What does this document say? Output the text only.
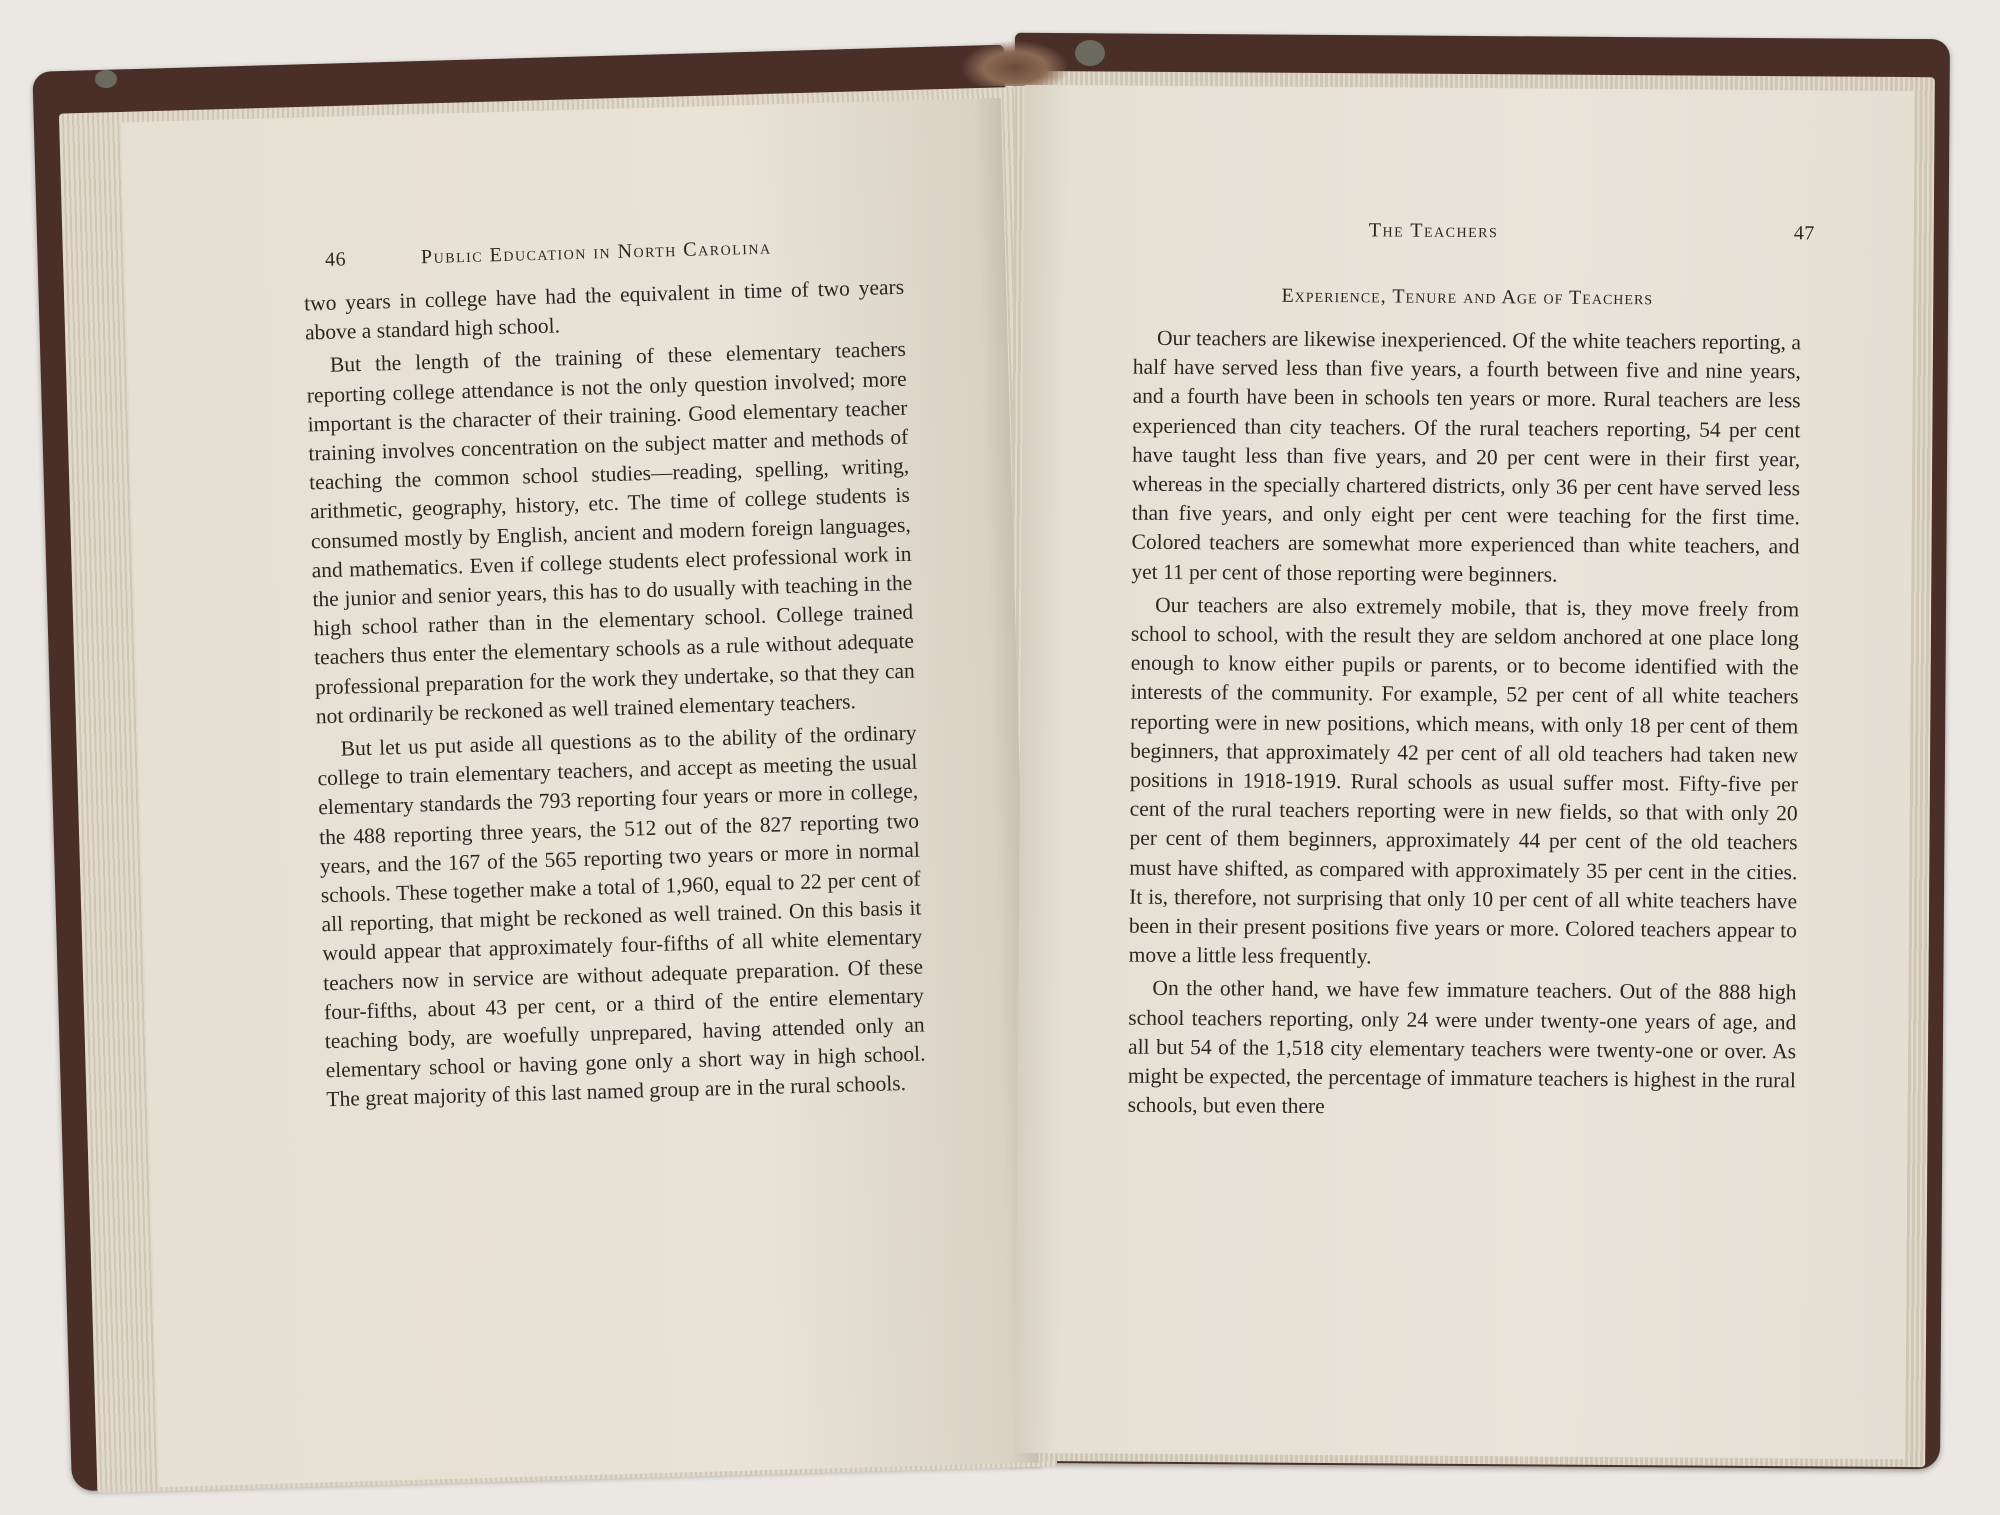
46	Public Education in North Carolina

two years in college have had the equivalent in time of two years above a standard high school.

But the length of the training of these elementary teachers reporting college attendance is not the only question involved; more important is the character of their training. Good elementary teacher training involves concentration on the subject matter and methods of teaching the common school studies—reading, spelling, writing, arithmetic, geography, history, etc. The time of college students is consumed mostly by English, ancient and modern foreign languages, and mathematics. Even if college students elect professional work in the junior and senior years, this has to do usually with teaching in the high school rather than in the elementary school. College trained teachers thus enter the elementary schools as a rule without adequate professional preparation for the work they undertake, so that they can not ordinarily be reckoned as well trained elementary teachers.

But let us put aside all questions as to the ability of the ordinary college to train elementary teachers, and accept as meeting the usual elementary standards the 793 reporting four years or more in college, the 488 reporting three years, the 512 out of the 827 reporting two years, and the 167 of the 565 reporting two years or more in normal schools. These together make a total of 1,960, equal to 22 per cent of all reporting, that might be reckoned as well trained. On this basis it would appear that approximately four-fifths of all white elementary teachers now in service are without adequate preparation. Of these four-fifths, about 43 per cent, or a third of the entire elementary teaching body, are woefully unprepared, having attended only an elementary school or having gone only a short way in high school. The great majority of this last named group are in the rural schools.

The Teachers	47
Experience, Tenure and Age of Teachers

Our teachers are likewise inexperienced. Of the white teachers reporting, a half have served less than five years, a fourth between five and nine years, and a fourth have been in schools ten years or more. Rural teachers are less experienced than city teachers. Of the rural teachers reporting, 54 per cent have taught less than five years, and 20 per cent were in their first year, whereas in the specially chartered districts, only 36 per cent have served less than five years, and only eight per cent were teaching for the first time. Colored teachers are somewhat more experienced than white teachers, and yet 11 per cent of those reporting were beginners.

Our teachers are also extremely mobile, that is, they move freely from school to school, with the result they are seldom anchored at one place long enough to know either pupils or parents, or to become identified with the interests of the community. For example, 52 per cent of all white teachers reporting were in new positions, which means, with only 18 per cent of them beginners, that approximately 42 per cent of all old teachers had taken new positions in 1918-1919. Rural schools as usual suffer most. Fifty-five per cent of the rural teachers reporting were in new fields, so that with only 20 per cent of them beginners, approximately 44 per cent of the old teachers must have shifted, as compared with approximately 35 per cent in the cities. It is, therefore, not surprising that only 10 per cent of all white teachers have been in their present positions five years or more. Colored teachers appear to move a little less frequently.

On the other hand, we have few immature teachers. Out of the 888 high school teachers reporting, only 24 were under twenty-one years of age, and all but 54 of the 1,518 city elementary teachers were twenty-one or over. As might be expected, the percentage of immature teachers is highest in the rural schools, but even there
